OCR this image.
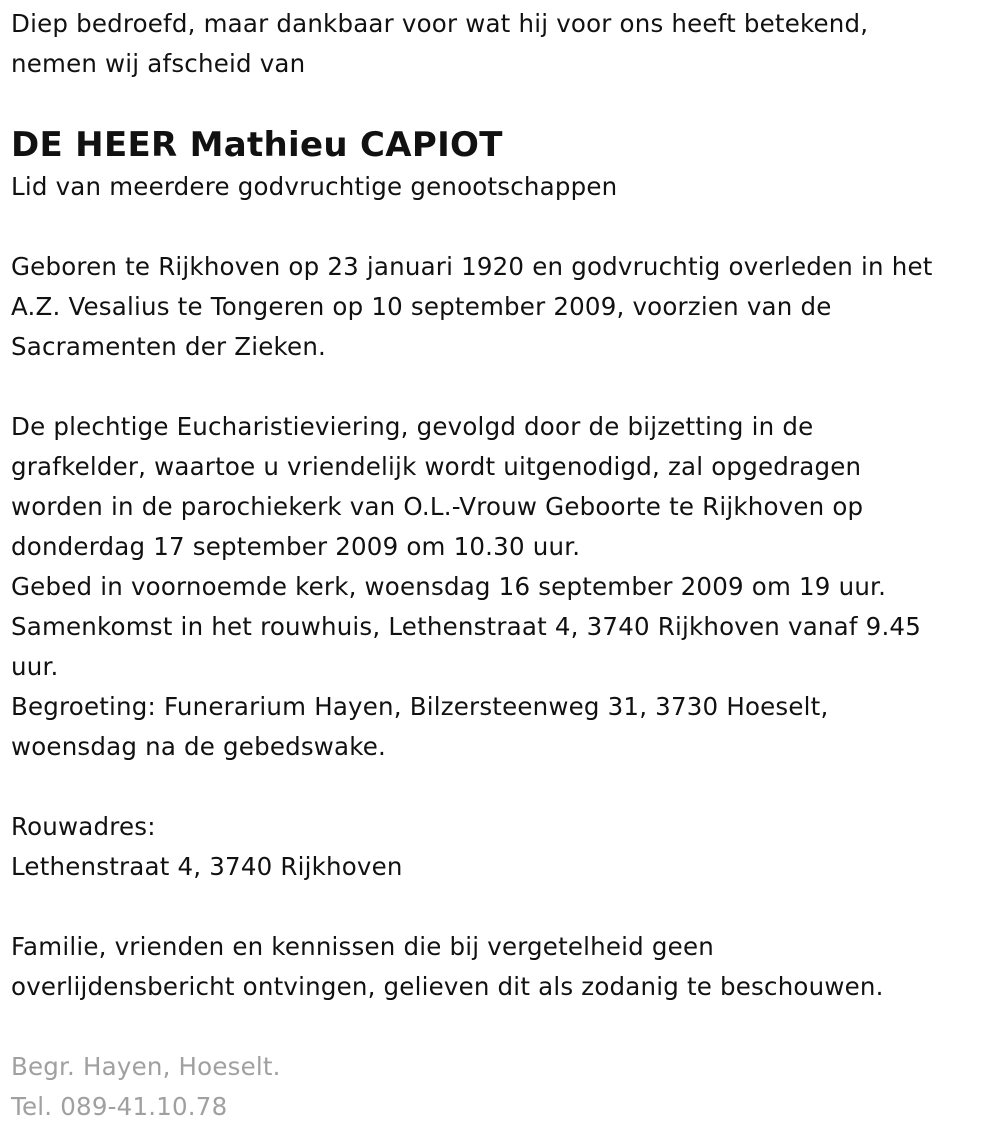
Diep bedroefd, maar dankbaar voor wat hij voor ons heeft betekend,
nemen wij afscheid van
DE HEER Mathieu CAPIOT
Lid van meerdere godvruchtige genootschappen
Geboren te Rijkhoven op 23 januari 1920 en godvruchtig overleden in het
A.Z. Vesalius te Tongeren op 10 september 2009, voorzien van de
Sacramenten der Zieken.
De plechtige Eucharistieviering, gevolgd door de bijzetting in de
grafkelder, waartoe u vriendelijk wordt uitgenodigd, zal opgedragen
worden in de parochiekerk van O.L.-Vrouw Geboorte te Rijkhoven op
donderdag 17 september 2009 om 10.30 uur.
Gebed in voornoemde kerk, woensdag 16 september 2009 om 19 uur.
Samenkomst in het rouwhuis, Lethenstraat 4, 3740 Rijkhoven vanaf 9.45
uur.
Begroeting: Funerarium Hayen, Bilzersteenweg 31, 3730 Hoeselt,
woensdag na de gebedswake.
Rouwadres:
Lethenstraat 4, 3740 Rijkhoven
Familie, vrienden en kennissen die bij vergetelheid geen
overlijdensbericht ontvingen, gelieven dit als zodanig te beschouwen.
Begr. Hayen, Hoeselt.
Tel. 089-41.10.78
